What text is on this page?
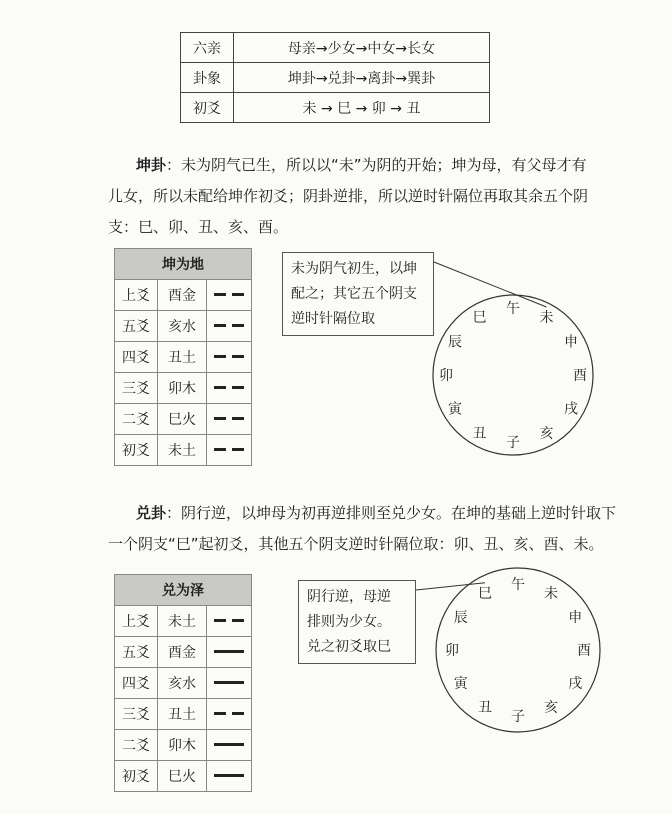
六亲	母亲→少女→中女→长女
卦象	坤卦→兑卦→离卦→巽卦
初爻	未 → 巳 → 卯 → 丑

坤卦：未为阴气已生，所以以“未”为阴的开始；坤为母，有父母才有

儿女，所以未配给坤作初爻；阴卦逆排，所以逆时针隔位再取其余五个阴

支：巳、卯、丑、亥、酉。

坤为地		
上爻	酉金	
五爻	亥水	
四爻	丑土	
三爻	卯木	
二爻	巳火	
初爻	未土	

未为阴气初生，以坤

配之；其它五个阴支

逆时针隔位取

子
丑
寅
卯
辰
巳
午
未
申
酉
戌
亥
子
丑
寅
卯
辰
巳
午
未
申
酉
戌
亥

兑卦：阴行逆，以坤母为初再逆排则至兑少女。在坤的基础上逆时针取下

一个阴支“巳”起初爻，其他五个阴支逆时针隔位取：卯、丑、亥、酉、未。

兑为泽		
上爻	未土	
五爻	酉金	
四爻	亥水	
三爻	丑土	
二爻	卯木	
初爻	巳火	

阴行逆，母逆

排则为少女。

兑之初爻取巳
